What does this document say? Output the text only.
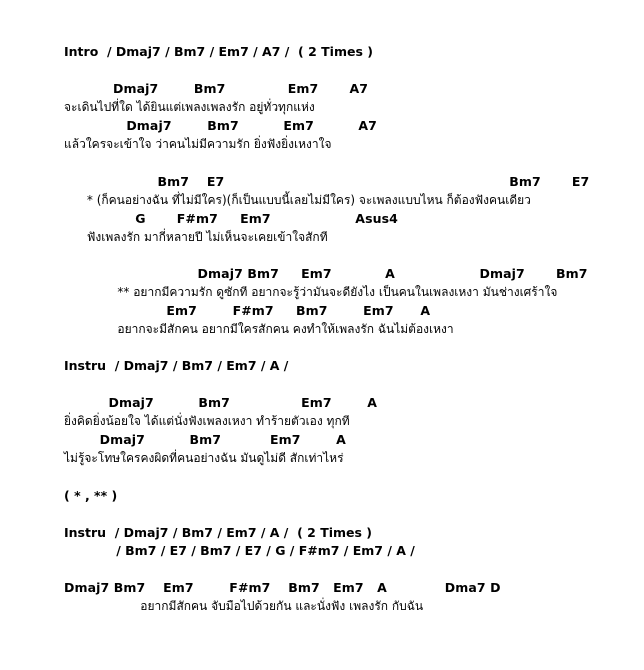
Intro  / Dmaj7 / Bm7 / Em7 / A7 /  ( 2 Times )
Dmaj7        Bm7              Em7       A7
จะเดินไปที่ใด ได้ยินแต่เพลงเพลงรัก อยู่ทั่วทุกแห่ง
Dmaj7        Bm7          Em7          A7
แล้วใครจะเข้าใจ ว่าคนไม่มีความรัก ยิ่งฟังยิ่งเหงาใจ
Bm7    E7                                                                Bm7       E7
* (ก็คนอย่างฉัน ที่ไม่มีใคร)(ก็เป็นแบบนี้เลยไม่มีใคร) จะเพลงแบบไหน ก็ต้องฟังคนเดียว
G       F#m7     Em7                   Asus4
ฟังเพลงรัก มากี่หลายปี ไม่เห็นจะเคยเข้าใจสักที
Dmaj7 Bm7     Em7            A                   Dmaj7       Bm7
** อยากมีความรัก ดูซักที อยากจะรู้ว่ามันจะดียังไง เป็นคนในเพลงเหงา มันช่างเศร้าใจ
Em7        F#m7     Bm7        Em7      A
อยากจะมีสักคน อยากมีใครสักคน คงทำให้เพลงรัก ฉันไม่ต้องเหงา
Instru  / Dmaj7 / Bm7 / Em7 / A /
Dmaj7          Bm7                Em7        A
ยิ่งคิดยิ่งน้อยใจ ได้แต่นั่งฟังเพลงเหงา ทำร้ายตัวเอง ทุกที
Dmaj7          Bm7           Em7        A
ไม่รู้จะโทษใครคงผิดที่คนอย่างฉัน มันดูไม่ดี สักเท่าไหร่
( * , ** )
Instru  / Dmaj7 / Bm7 / Em7 / A /  ( 2 Times )
/ Bm7 / E7 / Bm7 / E7 / G / F#m7 / Em7 / A /
Dmaj7 Bm7    Em7        F#m7    Bm7   Em7   A             Dma7 D
อยากมีสักคน จับมือไปด้วยกัน และนั่งฟัง เพลงรัก กับฉัน
